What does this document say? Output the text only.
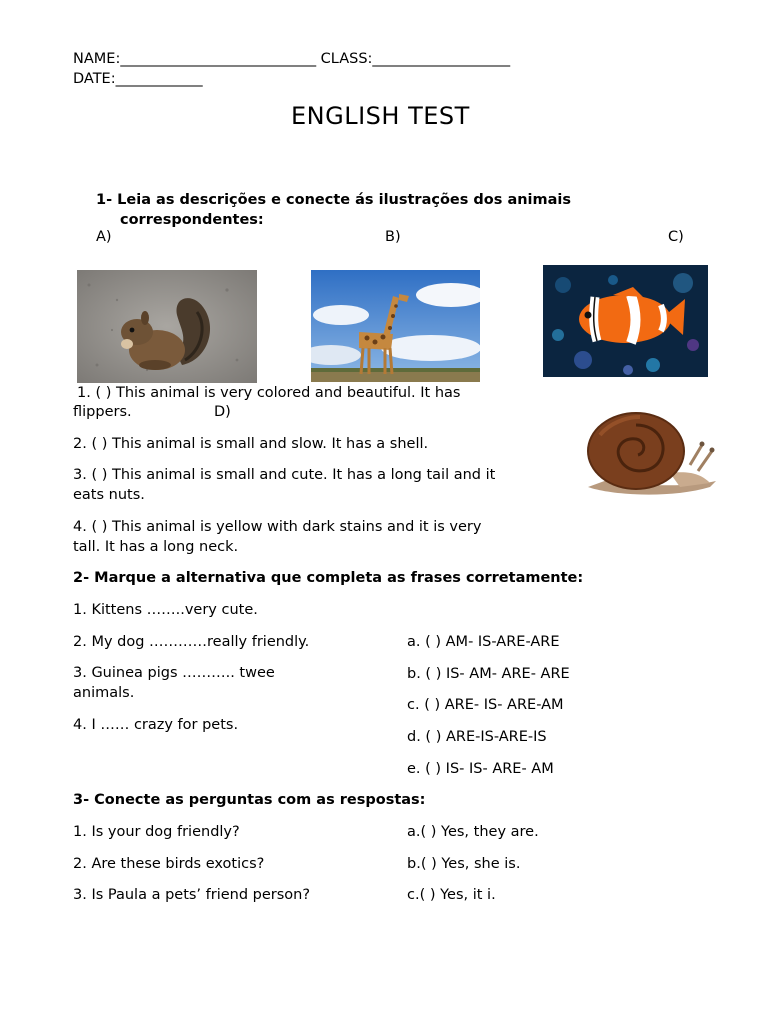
NAME:___________________________ CLASS:___________________
DATE:____________
ENGLISH TEST
1- Leia as descrições e conecte ás ilustrações dos animais
correspondentes:
A)	B)	C)
1. ( ) This animal is very colored and beautiful. It has
flippers.	D)
2. ( ) This animal is small and slow. It has a shell.
3. ( ) This animal is small and cute. It has a long tail and it
eats nuts.
4. ( ) This animal is yellow with dark stains and it is very
tall. It has a long neck.
2- Marque a alternativa que completa as frases corretamente:
1. Kittens ……..very cute.
2. My dog …………really friendly.
3. Guinea pigs ……….. twee
animals.
4. I …… crazy for pets.
a. ( ) AM- IS-ARE-ARE
b. ( ) IS- AM- ARE- ARE
c. ( ) ARE- IS- ARE-AM
d. ( ) ARE-IS-ARE-IS
e. ( ) IS- IS- ARE- AM
3- Conecte as perguntas com as respostas:
1. Is your dog friendly?
2. Are these birds exotics?
3. Is Paula a pets’ friend person?
a.( ) Yes, they are.
b.( ) Yes, she is.
c.( ) Yes, it i.
